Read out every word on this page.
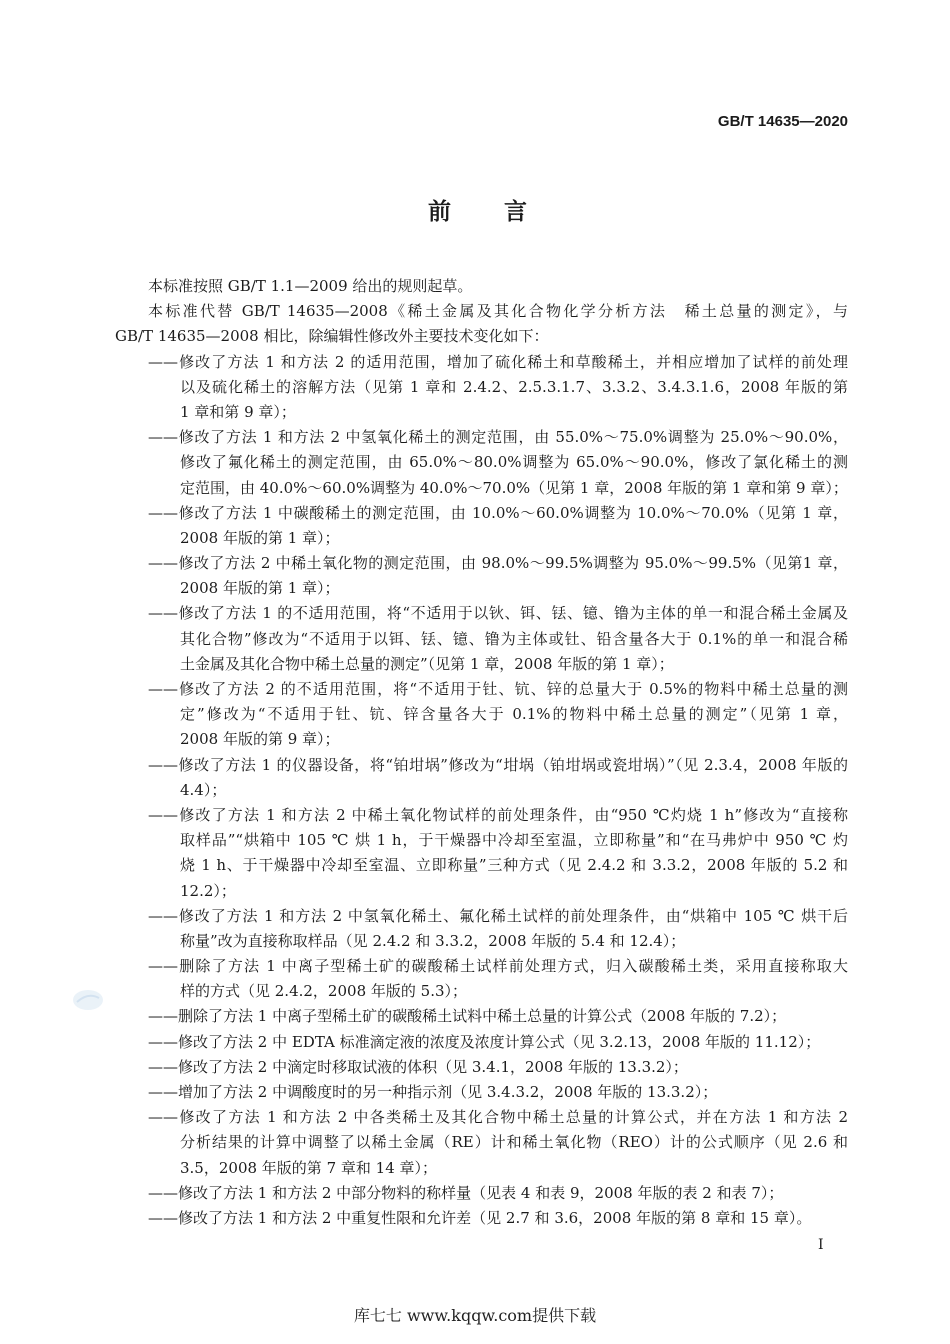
GB/T 14635—2020
前　言
本标准按照 GB/T 1.1—2009 给出的规则起草。
本标准代替 GB/T 14635—2008《稀土金属及其化合物化学分析方法　稀土总量的测定》，与
GB/T 14635—2008 相比，除编辑性修改外主要技术变化如下：
——修改了方法 1 和方法 2 的适用范围，增加了硫化稀土和草酸稀土，并相应增加了试样的前处理
以及硫化稀土的溶解方法（见第 1 章和 2.4.2、2.5.3.1.7、3.3.2、3.4.3.1.6，2008 年版的第
1 章和第 9 章）；
——修改了方法 1 和方法 2 中氢氧化稀土的测定范围，由 55.0%～75.0%调整为 25.0%～90.0%，
修改了氟化稀土的测定范围，由 65.0%～80.0%调整为 65.0%～90.0%，修改了氯化稀土的测
定范围，由 40.0%～60.0%调整为 40.0%～70.0%（见第 1 章，2008 年版的第 1 章和第 9 章）；
——修改了方法 1 中碳酸稀土的测定范围，由 10.0%～60.0%调整为 10.0%～70.0%（见第 1 章，
2008 年版的第 1 章）；
——修改了方法 2 中稀土氧化物的测定范围，由 98.0%～99.5%调整为 95.0%～99.5%（见第1 章，
2008 年版的第 1 章）；
——修改了方法 1 的不适用范围，将“不适用于以钬、铒、铥、镱、镥为主体的单一和混合稀土金属及
其化合物”修改为“不适用于以铒、铥、镱、镥为主体或钍、铅含量各大于 0.1%的单一和混合稀
土金属及其化合物中稀土总量的测定”（见第 1 章，2008 年版的第 1 章）；
——修改了方法 2 的不适用范围，将“不适用于钍、钪、锌的总量大于 0.5%的物料中稀土总量的测
定”修改为“不适用于钍、钪、锌含量各大于 0.1%的物料中稀土总量的测定”（见第 1 章，
2008 年版的第 9 章）；
——修改了方法 1 的仪器设备，将“铂坩埚”修改为“坩埚（铂坩埚或瓷坩埚）”（见 2.3.4，2008 年版的
4.4）；
——修改了方法 1 和方法 2 中稀土氧化物试样的前处理条件，由“950 ℃灼烧 1 h”修改为“直接称
取样品”“烘箱中 105 ℃ 烘 1 h，于干燥器中冷却至室温，立即称量”和“在马弗炉中 950 ℃ 灼
烧 1 h、于干燥器中冷却至室温、立即称量”三种方式（见 2.4.2 和 3.3.2，2008 年版的 5.2 和
12.2）；
——修改了方法 1 和方法 2 中氢氧化稀土、氟化稀土试样的前处理条件，由“烘箱中 105 ℃ 烘干后
称量”改为直接称取样品（见 2.4.2 和 3.3.2，2008 年版的 5.4 和 12.4）；
——删除了方法 1 中离子型稀土矿的碳酸稀土试样前处理方式，归入碳酸稀土类，采用直接称取大
样的方式（见 2.4.2，2008 年版的 5.3）；
——删除了方法 1 中离子型稀土矿的碳酸稀土试料中稀土总量的计算公式（2008 年版的 7.2）；
——修改了方法 2 中 EDTA 标准滴定液的浓度及浓度计算公式（见 3.2.13，2008 年版的 11.12）；
——修改了方法 2 中滴定时移取试液的体积（见 3.4.1，2008 年版的 13.3.2）；
——增加了方法 2 中调酸度时的另一种指示剂（见 3.4.3.2，2008 年版的 13.3.2）；
——修改了方法 1 和方法 2 中各类稀土及其化合物中稀土总量的计算公式，并在方法 1 和方法 2
分析结果的计算中调整了以稀土金属（RE）计和稀土氧化物（REO）计的公式顺序（见 2.6 和
3.5，2008 年版的第 7 章和 14 章）；
——修改了方法 1 和方法 2 中部分物料的称样量（见表 4 和表 9，2008 年版的表 2 和表 7）；
——修改了方法 1 和方法 2 中重复性限和允许差（见 2.7 和 3.6，2008 年版的第 8 章和 15 章）。
I
库七七 www.kqqw.com提供下载
